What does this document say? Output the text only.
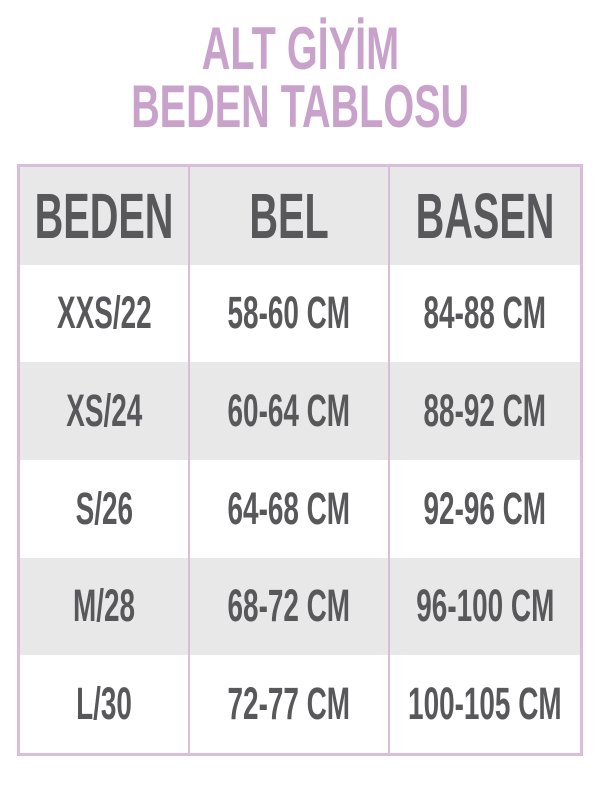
ALT GİYİM
BEDEN TABLOSU
BEDEN BEL BASEN
XXS/22 58-60 CM 84-88 CM
XS/24 60-64 CM 88-92 CM
S/26 64-68 CM 92-96 CM
M/28 68-72 CM 96-100 CM
L/30 72-77 CM 100-105 CM
